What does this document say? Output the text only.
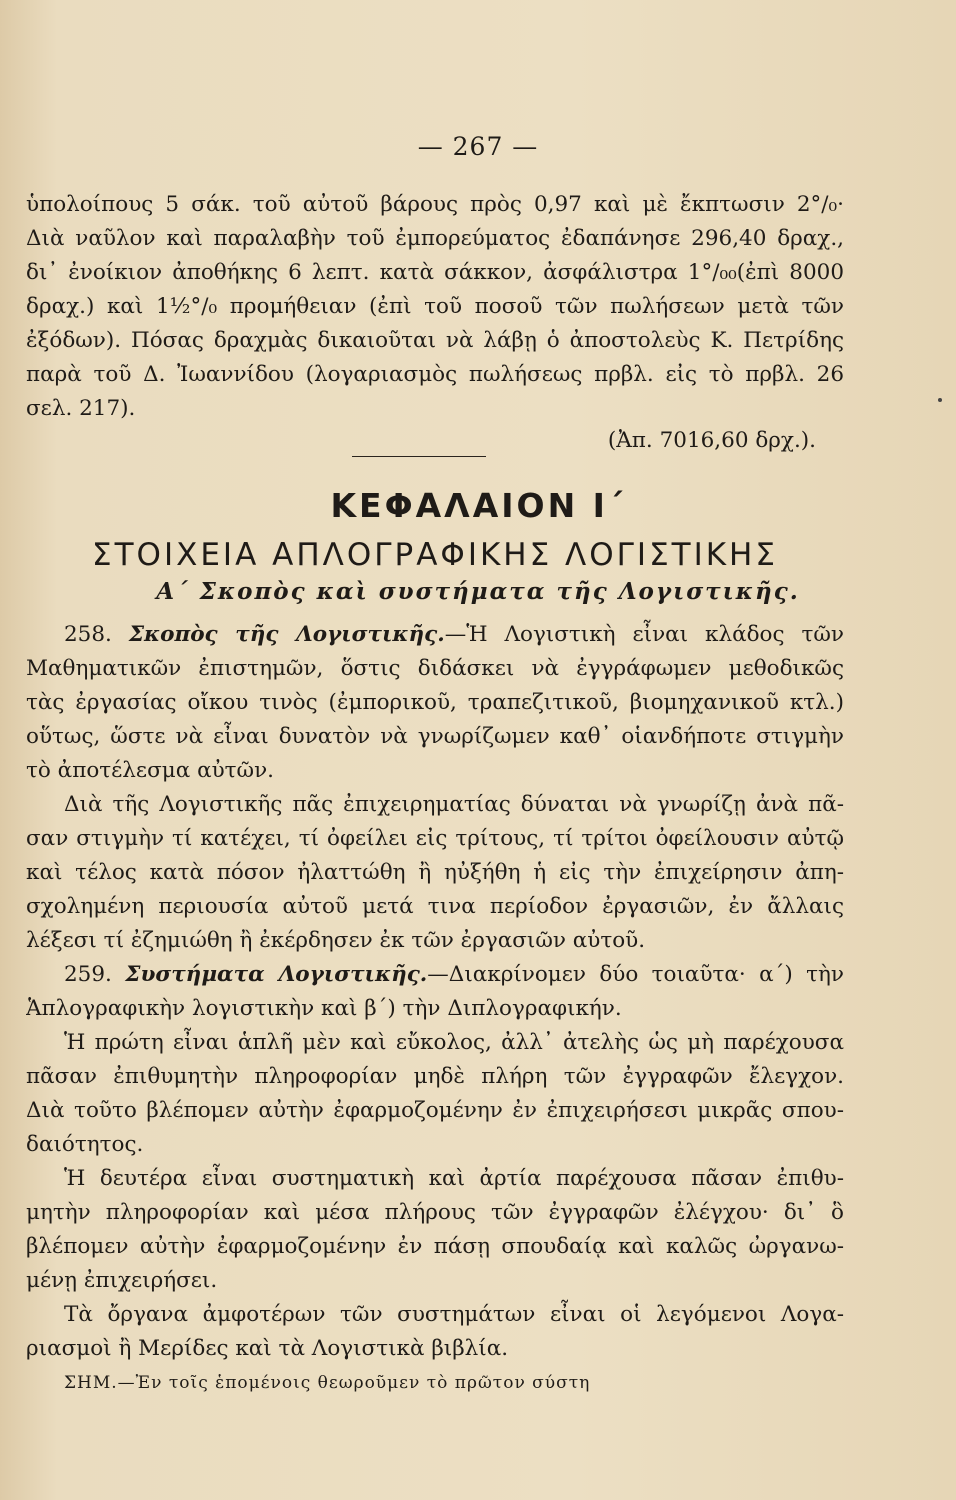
— 267 —
ὑπολοίπους 5 σάκ. τοῦ αὐτοῦ βάρους πρὸς 0,97 καὶ μὲ ἔκπτωσιν 2°/₀·
Διὰ ναῦλον καὶ παραλαβὴν τοῦ ἐμπορεύματος ἐδαπάνησε 296,40 δραχ.,
δι᾽ ἐνοίκιον ἀποθήκης 6 λεπτ. κατὰ σάκκον, ἀσφάλιστρα 1°/₀₀(ἐπὶ 8000
δραχ.) καὶ 1½°/₀ προμήθειαν (ἐπὶ τοῦ ποσοῦ τῶν πωλήσεων μετὰ τῶν
ἐξόδων). Πόσας δραχμὰς δικαιοῦται νὰ λάβῃ ὁ ἀποστολεὺς Κ. Πετρίδης
παρὰ τοῦ Δ. Ἰωαννίδου (λογαριασμὸς πωλήσεως πρβλ. εἰς τὸ πρβλ. 26
σελ. 217).
(Ἀπ. 7016,60 δρχ.).
ΚΕΦΑΛΑΙΟΝ Ι΄
ΣΤΟΙΧΕΙΑ ΑΠΛΟΓΡΑΦΙΚΗΣ ΛΟΓΙΣΤΙΚΗΣ
Α΄ Σκοπὸς καὶ συστήματα τῆς Λογιστικῆς.
258. Σκοπὸς τῆς Λογιστικῆς.—Ἡ Λογιστικὴ εἶναι κλάδος τῶν
Μαθηματικῶν ἐπιστημῶν, ὅστις διδάσκει νὰ ἐγγράφωμεν μεθοδικῶς
τὰς ἐργασίας οἴκου τινὸς (ἐμπορικοῦ, τραπεζιτικοῦ, βιομηχανικοῦ κτλ.)
οὕτως, ὥστε νὰ εἶναι δυνατὸν νὰ γνωρίζωμεν καθ᾽ οἱανδήποτε στιγμὴν
τὸ ἀποτέλεσμα αὐτῶν.
Διὰ τῆς Λογιστικῆς πᾶς ἐπιχειρηματίας δύναται νὰ γνωρίζῃ ἀνὰ πᾶ-
σαν στιγμὴν τί κατέχει, τί ὀφείλει εἰς τρίτους, τί τρίτοι ὀφείλουσιν αὐτῷ
καὶ τέλος κατὰ πόσον ἠλαττώθη ἢ ηὐξήθη ἡ εἰς τὴν ἐπιχείρησιν ἀπη-
σχολημένη περιουσία αὐτοῦ μετά τινα περίοδον ἐργασιῶν, ἐν ἄλλαις
λέξεσι τί ἐζημιώθη ἢ ἐκέρδησεν ἐκ τῶν ἐργασιῶν αὐτοῦ.
259. Συστήματα Λογιστικῆς.—Διακρίνομεν δύο τοιαῦτα· α΄) τὴν
Ἁπλογραφικὴν λογιστικὴν καὶ β΄) τὴν Διπλογραφικήν.
Ἡ πρώτη εἶναι ἁπλῆ μὲν καὶ εὔκολος, ἀλλ᾽ ἀτελὴς ὡς μὴ παρέχουσα
πᾶσαν ἐπιθυμητὴν πληροφορίαν μηδὲ πλήρη τῶν ἐγγραφῶν ἔλεγχον.
Διὰ τοῦτο βλέπομεν αὐτὴν ἐφαρμοζομένην ἐν ἐπιχειρήσεσι μικρᾶς σπου-
δαιότητος.
Ἡ δευτέρα εἶναι συστηματικὴ καὶ ἀρτία παρέχουσα πᾶσαν ἐπιθυ-
μητὴν πληροφορίαν καὶ μέσα πλήρους τῶν ἐγγραφῶν ἐλέγχου· δι᾽ ὃ
βλέπομεν αὐτὴν ἐφαρμοζομένην ἐν πάσῃ σπουδαίᾳ καὶ καλῶς ὠργανω-
μένῃ ἐπιχειρήσει.
Τὰ ὄργανα ἀμφοτέρων τῶν συστημάτων εἶναι οἱ λεγόμενοι Λογα-
ριασμοὶ ἢ Μερίδες καὶ τὰ Λογιστικὰ βιβλία.
ΣΗΜ.—Ἐν τοῖς ἑπομένοις θεωροῦμεν τὸ πρῶτον σύστη
